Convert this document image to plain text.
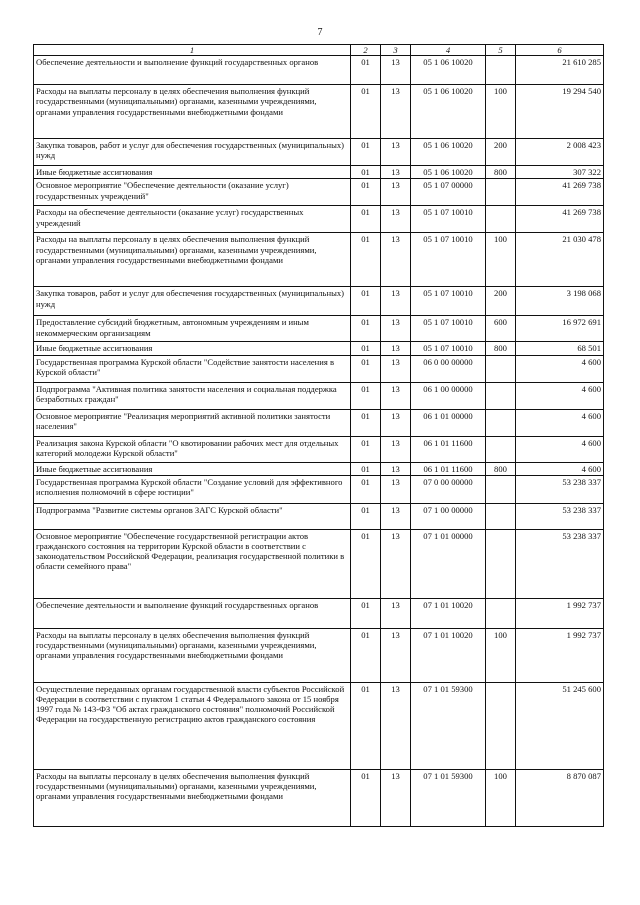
7
1	2	3	4	5	6
Обеспечение деятельности и выполнение функций государственных органов	01	13	05 1 06 10020		21 610 285
Расходы на выплаты персоналу в целях обеспечения выполнения функций государственными (муниципальными) органами, казенными учреждениями, органами управления государственными внебюджетными фондами	01	13	05 1 06 10020	100	19 294 540
Закупка товаров, работ и услуг для обеспечения государственных (муниципальных) нужд	01	13	05 1 06 10020	200	2 008 423
Иные бюджетные ассигнования	01	13	05 1 06 10020	800	307 322
Основное мероприятие "Обеспечение деятельности (оказание услуг) государственных учреждений"	01	13	05 1 07 00000		41 269 738
Расходы на обеспечение деятельности (оказание услуг) государственных учреждений	01	13	05 1 07 10010		41 269 738
Расходы на выплаты персоналу в целях обеспечения выполнения функций государственными (муниципальными) органами, казенными учреждениями, органами управления государственными внебюджетными фондами	01	13	05 1 07 10010	100	21 030 478
Закупка товаров, работ и услуг для обеспечения государственных (муниципальных) нужд	01	13	05 1 07 10010	200	3 198 068
Предоставление субсидий бюджетным, автономным учреждениям и иным некоммерческим организациям	01	13	05 1 07 10010	600	16 972 691
Иные бюджетные ассигнования	01	13	05 1 07 10010	800	68 501
Государственная программа Курской области "Содействие занятости населения в Курской области"	01	13	06 0 00 00000		4 600
Подпрограмма "Активная политика занятости населения и социальная поддержка безработных граждан"	01	13	06 1 00 00000		4 600
Основное мероприятие "Реализация мероприятий активной политики занятости населения"	01	13	06 1 01 00000		4 600
Реализация закона Курской области "О квотировании рабочих мест для отдельных категорий молодежи Курской области"	01	13	06 1 01 11600		4 600
Иные бюджетные ассигнования	01	13	06 1 01 11600	800	4 600
Государственная программа Курской области "Создание условий для эффективного исполнения полномочий в сфере юстиции"	01	13	07 0 00 00000		53 238 337
Подпрограмма "Развитие системы органов ЗАГС Курской области"	01	13	07 1 00 00000		53 238 337
Основное мероприятие "Обеспечение государственной регистрации актов гражданского состояния на территории Курской области в соответствии с законодательством Российской Федерации, реализация государственной политики в области семейного права"	01	13	07 1 01 00000		53 238 337
Обеспечение деятельности и выполнение функций государственных органов	01	13	07 1 01 10020		1 992 737
Расходы на выплаты персоналу в целях обеспечения выполнения функций государственными (муниципальными) органами, казенными учреждениями, органами управления государственными внебюджетными фондами	01	13	07 1 01 10020	100	1 992 737
Осуществление переданных органам государственной власти субъектов Российской Федерации в соответствии с пунктом 1 статьи 4 Федерального закона от 15 ноября 1997 года № 143-ФЗ "Об актах гражданского состояния" полномочий Российской Федерации на государственную регистрацию актов гражданского состояния	01	13	07 1 01 59300		51 245 600
Расходы на выплаты персоналу в целях обеспечения выполнения функций государственными (муниципальными) органами, казенными учреждениями, органами управления государственными внебюджетными фондами	01	13	07 1 01 59300	100	8 870 087
